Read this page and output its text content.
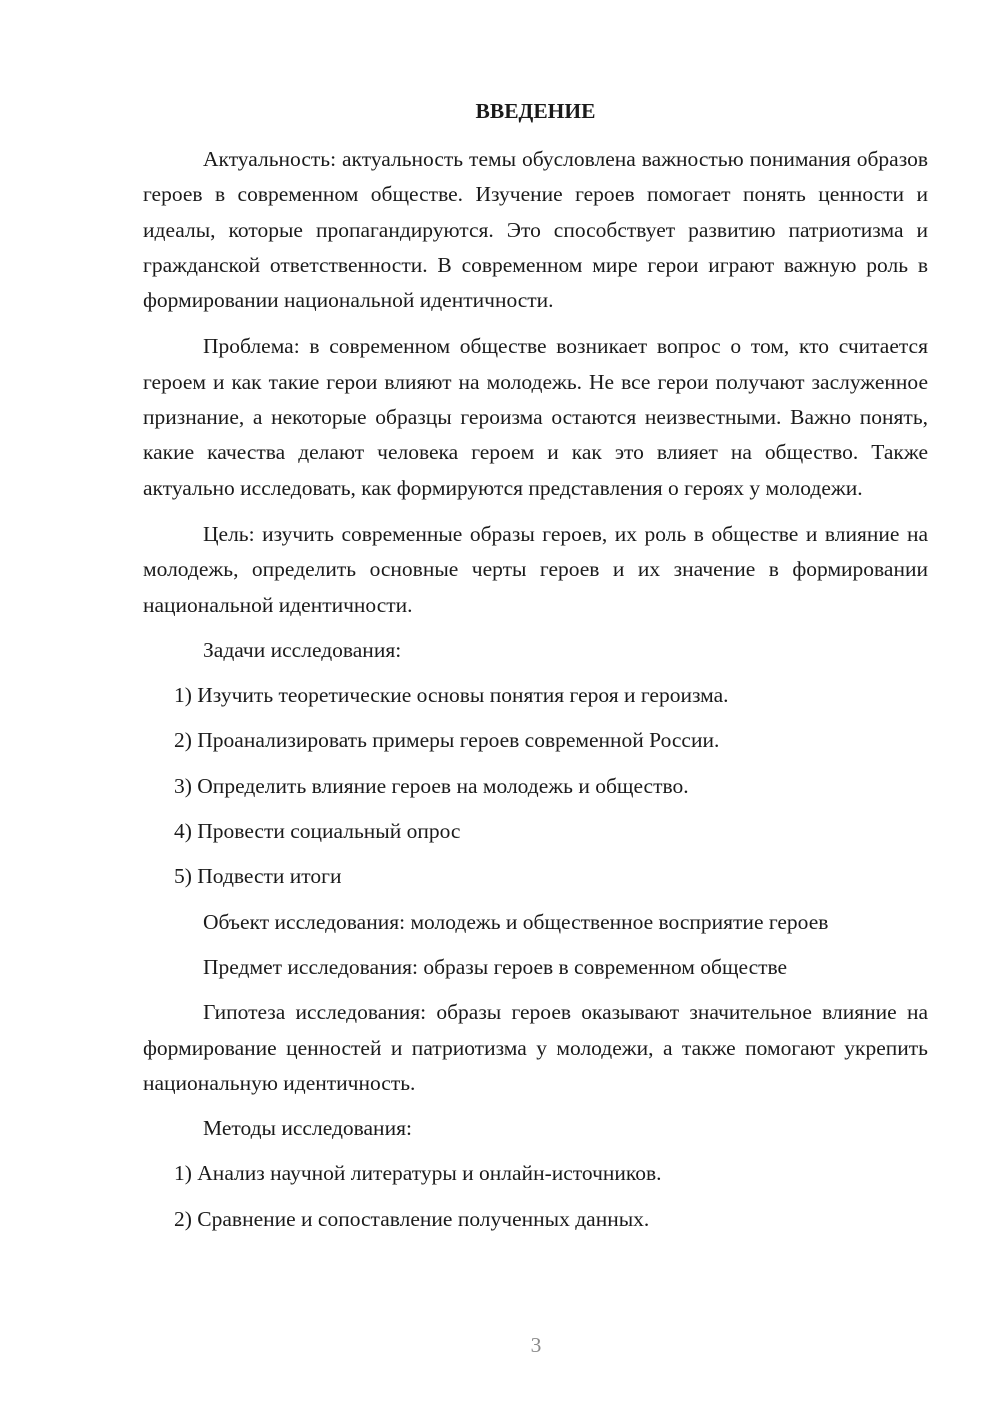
ВВЕДЕНИЕ

Актуальность: актуальность темы обусловлена важностью понимания образов героев в современном обществе. Изучение героев помогает понять ценности и идеалы, которые пропагандируются. Это способствует развитию патриотизма и гражданской ответственности. В современном мире герои играют важную роль в формировании национальной идентичности.

Проблема: в современном обществе возникает вопрос о том, кто считается героем и как такие герои влияют на молодежь. Не все герои получают заслуженное признание, а некоторые образцы героизма остаются неизвестными. Важно понять, какие качества делают человека героем и как это влияет на общество. Также актуально исследовать, как формируются представления о героях у молодежи.

Цель: изучить современные образы героев, их роль в обществе и влияние на молодежь, определить основные черты героев и их значение в формировании национальной идентичности.

Задачи исследования:

1) Изучить теоретические основы понятия героя и героизма.

2) Проанализировать примеры героев современной России.

3) Определить влияние героев на молодежь и общество.

4) Провести социальный опрос

5) Подвести итоги

Объект исследования: молодежь и общественное восприятие героев

Предмет исследования: образы героев в современном обществе

Гипотеза исследования: образы героев оказывают значительное влияние на формирование ценностей и патриотизма у молодежи, а также помогают укрепить национальную идентичность.

Методы исследования:

1) Анализ научной литературы и онлайн-источников.

2) Сравнение и сопоставление полученных данных.

3
